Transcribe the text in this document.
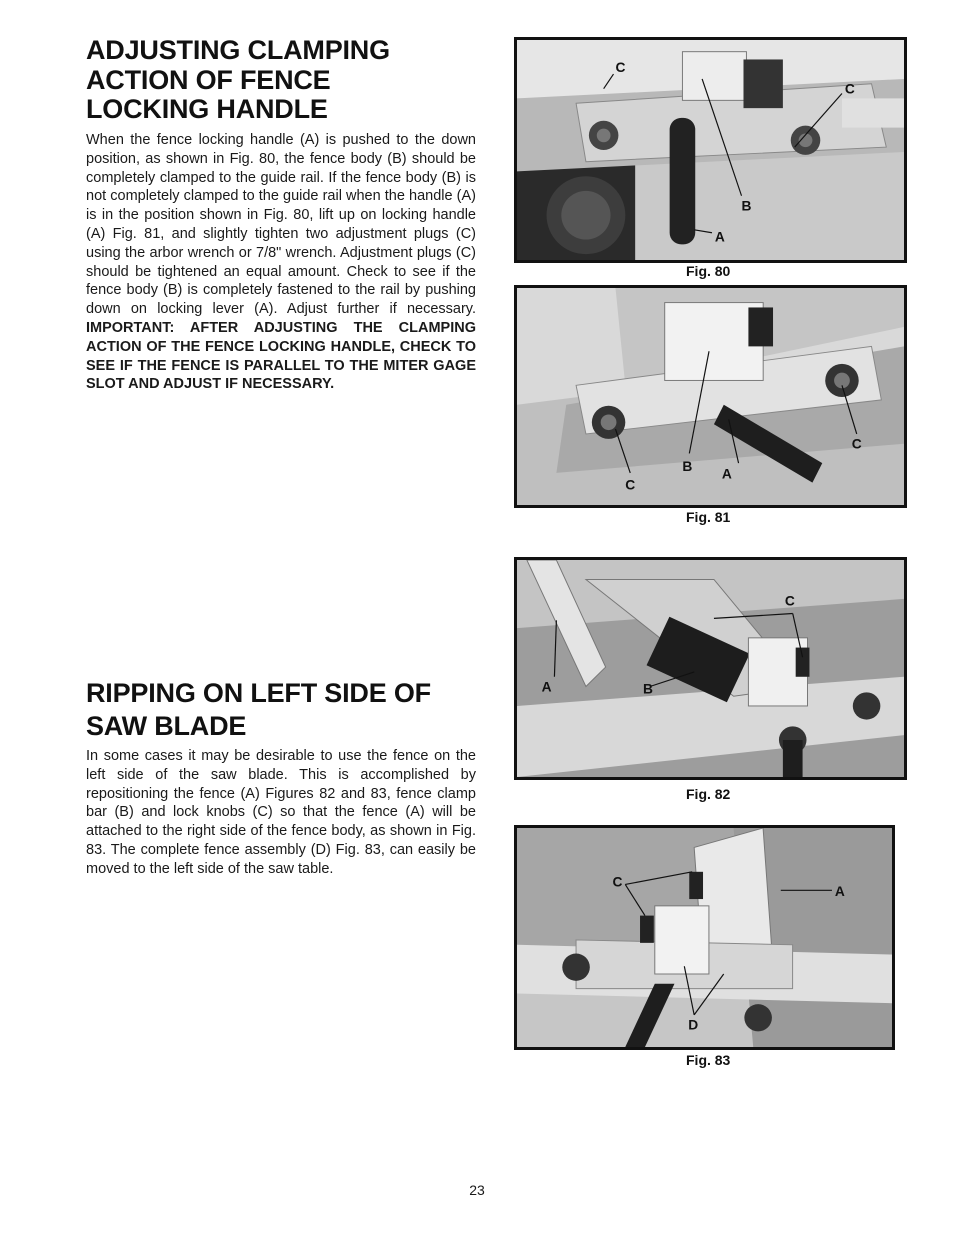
ADJUSTING CLAMPING
ACTION OF FENCE
LOCKING HANDLE

When the fence locking handle (A) is pushed to the down position, as shown in Fig. 80, the fence body (B) should be completely clamped to the guide rail. If the fence body (B) is not completely clamped to the guide rail when the handle (A) is in the position shown in Fig. 80, lift up on locking handle (A) Fig. 81, and slightly tighten two adjustment plugs (C) using the arbor wrench or 7/8" wrench. Adjustment plugs (C) should be tightened an equal amount. Check to see if the fence body (B) is completely fastened to the rail by pushing down on locking lever (A). Adjust further if necessary. IMPORTANT: AFTER ADJUSTING THE CLAMPING ACTION OF THE FENCE LOCKING HANDLE, CHECK TO SEE IF THE FENCE IS PARALLEL TO THE MITER GAGE SLOT AND ADJUST IF NECESSARY.

RIPPING ON LEFT SIDE OF
SAW BLADE

In some cases it may be desirable to use the fence on the left side of the saw blade. This is accomplished by repositioning the fence (A) Figures 82 and 83, fence clamp bar (B) and lock knobs (C) so that the fence (A) will be attached to the right side of the fence body, as shown in Fig. 83. The complete fence assembly (D) Fig. 83, can easily be moved to the left side of the saw table.

C
C
B
A
Fig. 80
C
C
B
A
Fig. 81
C
A	B
Fig. 82
C
A
D
Fig. 83
23
